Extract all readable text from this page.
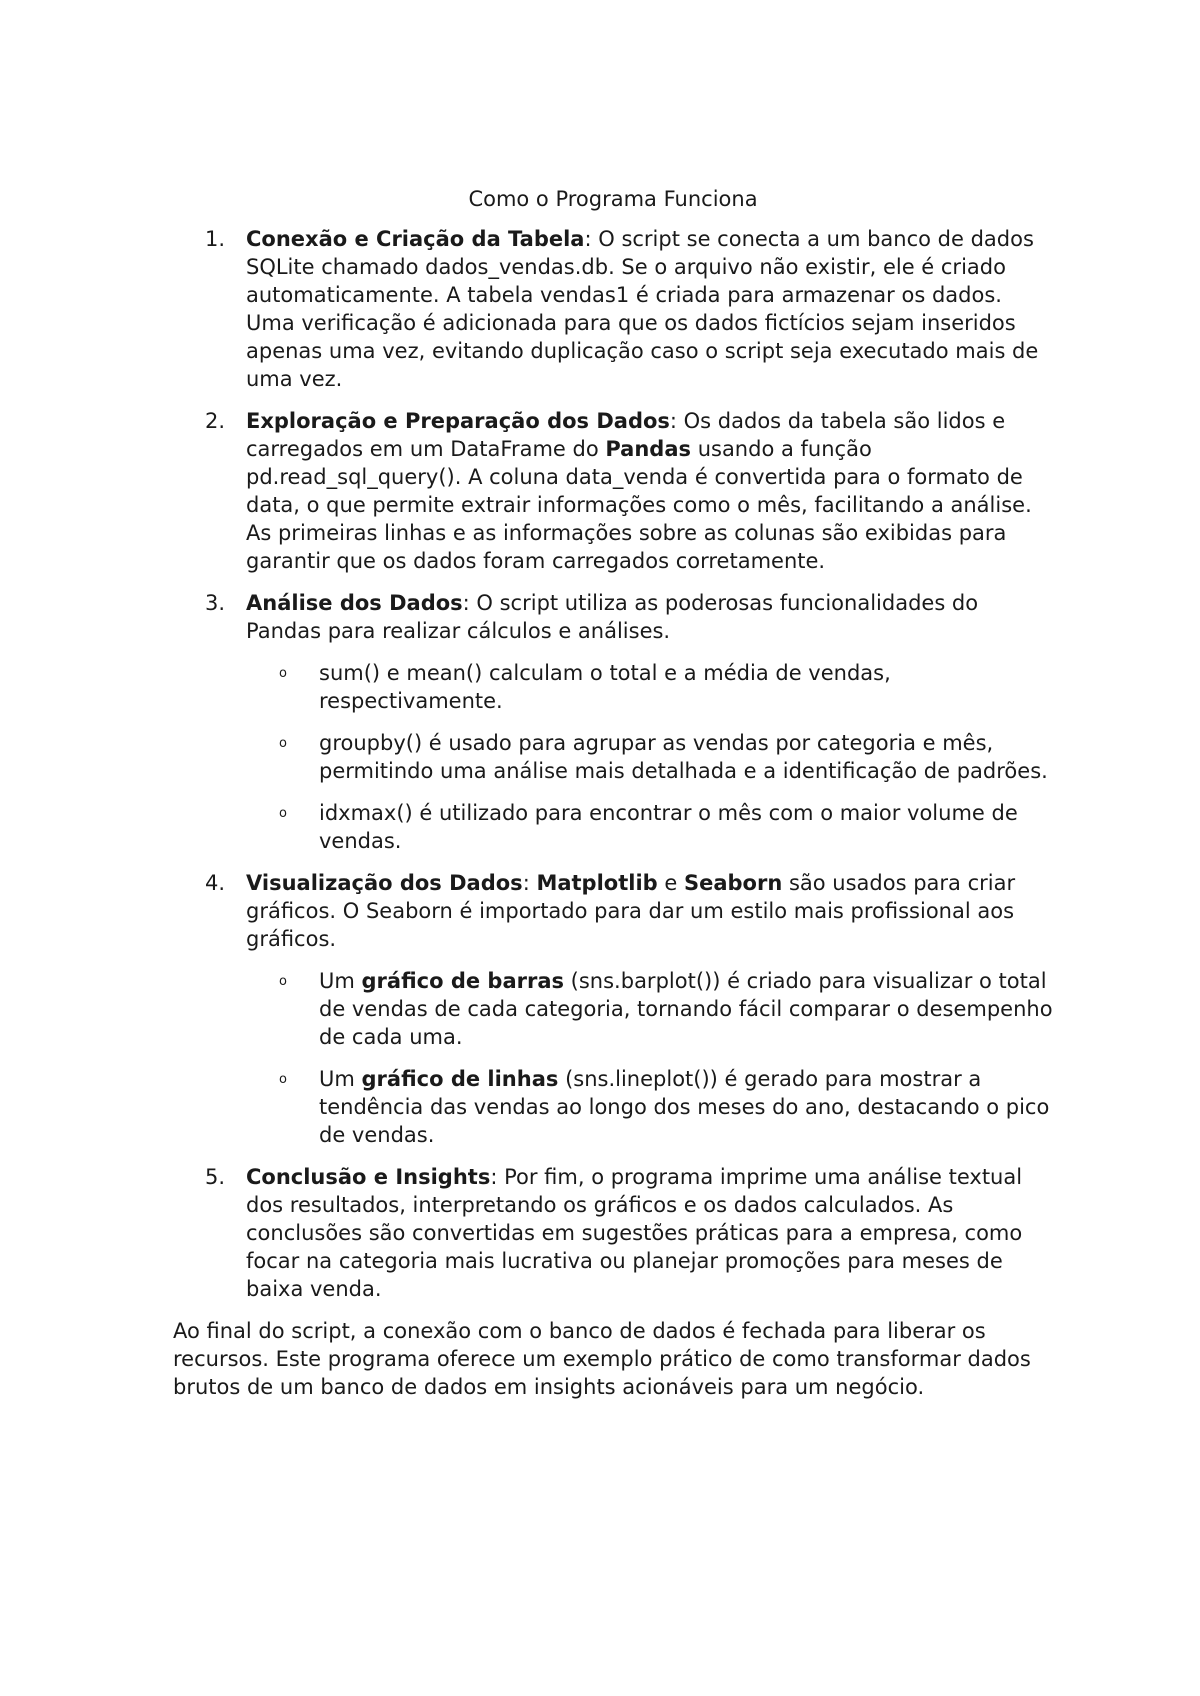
Como o Programa Funciona
1. Conexão e Criação da Tabela: O script se conecta a um banco de dados SQLite chamado dados_vendas.db. Se o arquivo não existir, ele é criado automaticamente. A tabela vendas1 é criada para armazenar os dados. Uma verificação é adicionada para que os dados fictícios sejam inseridos apenas uma vez, evitando duplicação caso o script seja executado mais de uma vez.
2. Exploração e Preparação dos Dados: Os dados da tabela são lidos e carregados em um DataFrame do Pandas usando a função pd.read_sql_query(). A coluna data_venda é convertida para o formato de data, o que permite extrair informações como o mês, facilitando a análise. As primeiras linhas e as informações sobre as colunas são exibidas para garantir que os dados foram carregados corretamente.
3. Análise dos Dados: O script utiliza as poderosas funcionalidades do Pandas para realizar cálculos e análises.
o sum() e mean() calculam o total e a média de vendas, respectivamente.
o groupby() é usado para agrupar as vendas por categoria e mês, permitindo uma análise mais detalhada e a identificação de padrões.
o idxmax() é utilizado para encontrar o mês com o maior volume de vendas.
4. Visualização dos Dados: Matplotlib e Seaborn são usados para criar gráficos. O Seaborn é importado para dar um estilo mais profissional aos gráficos.
o Um gráfico de barras (sns.barplot()) é criado para visualizar o total de vendas de cada categoria, tornando fácil comparar o desempenho de cada uma.
o Um gráfico de linhas (sns.lineplot()) é gerado para mostrar a tendência das vendas ao longo dos meses do ano, destacando o pico de vendas.
5. Conclusão e Insights: Por fim, o programa imprime uma análise textual dos resultados, interpretando os gráficos e os dados calculados. As conclusões são convertidas em sugestões práticas para a empresa, como focar na categoria mais lucrativa ou planejar promoções para meses de baixa venda.
Ao final do script, a conexão com o banco de dados é fechada para liberar os recursos. Este programa oferece um exemplo prático de como transformar dados brutos de um banco de dados em insights acionáveis para um negócio.
